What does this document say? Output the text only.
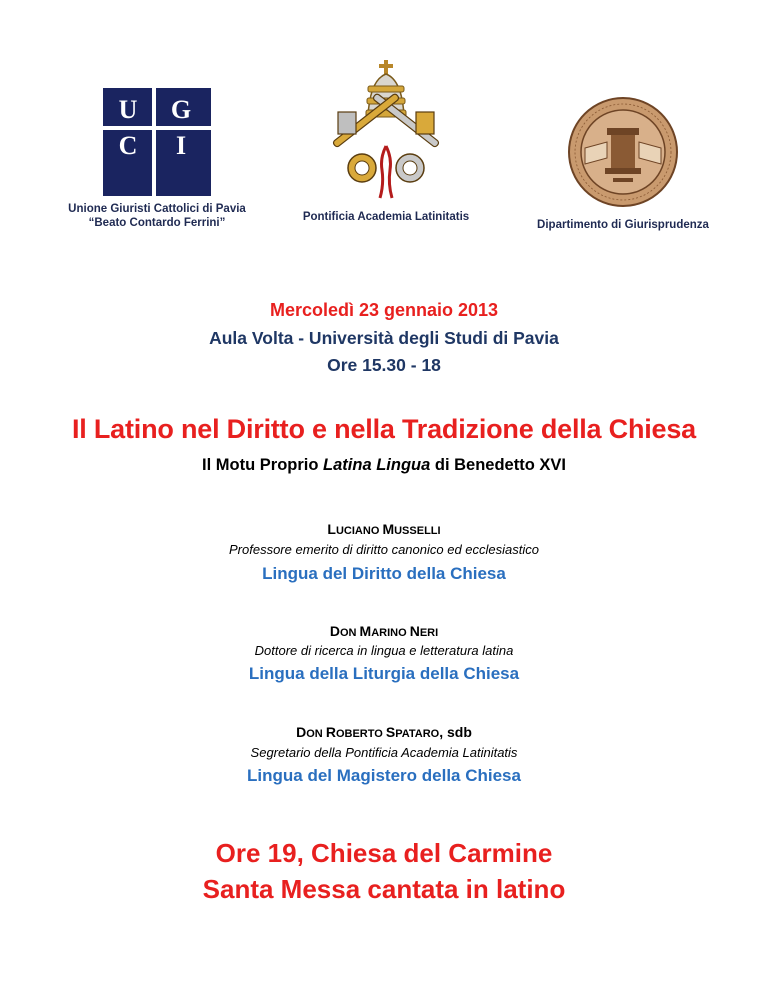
U G
C I
Unione Giuristi Cattolici di Pavia
“Beato Contardo Ferrini”	Pontificia Academia Latinitatis
Dipartimento di Giurisprudenza
Mercoledì 23 gennaio 2013
Aula Volta - Università degli Studi di Pavia
Ore 15.30 - 18
Il Latino nel Diritto e nella Tradizione della Chiesa
Il Motu Proprio Latina Lingua di Benedetto XVI
LUCIANO MUSSELLI
Professore emerito di diritto canonico ed ecclesiastico
Lingua del Diritto della Chiesa
DON MARINO NERI
Dottore di ricerca in lingua e letteratura latina
Lingua della Liturgia della Chiesa
DON ROBERTO SPATARO, sdb
Segretario della Pontificia Academia Latinitatis
Lingua del Magistero della Chiesa
Ore 19, Chiesa del Carmine
Santa Messa cantata in latino
